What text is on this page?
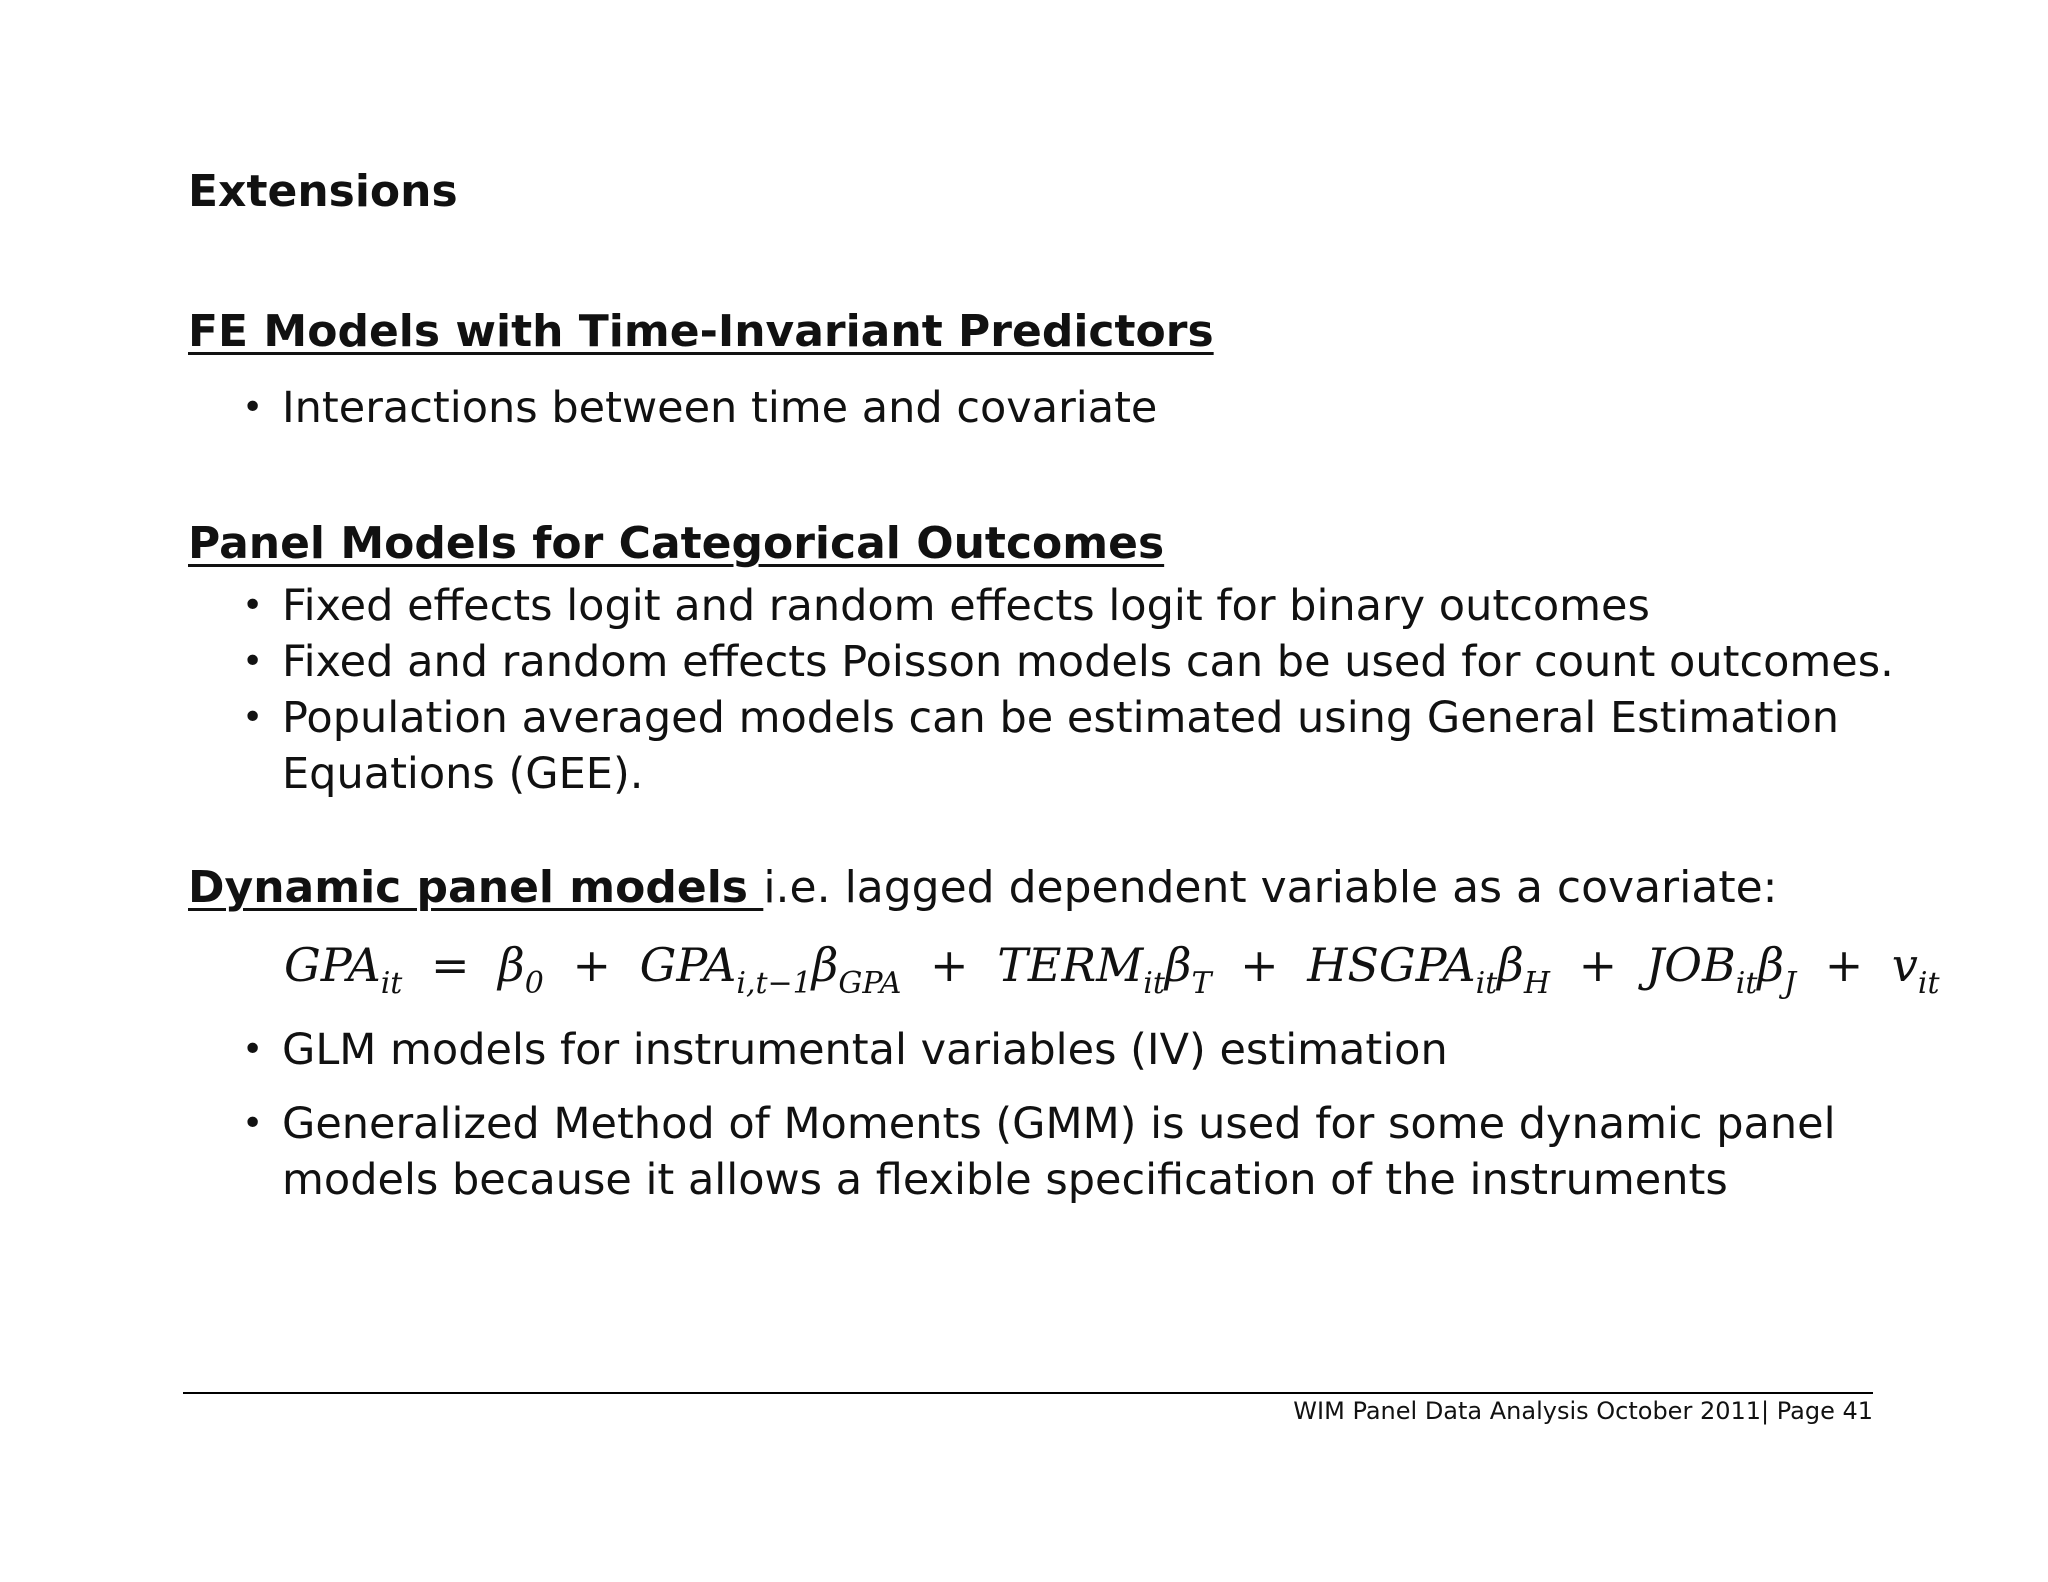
Extensions
FE Models with Time-Invariant Predictors
• Interactions between time and covariate
Panel Models for Categorical Outcomes
• Fixed effects logit and random effects logit for binary outcomes
• Fixed and random effects Poisson models can be used for count outcomes.
• Population averaged models can be estimated using General Estimation Equations (GEE).
Dynamic panel models i.e. lagged dependent variable as a covariate:
$GPA_{it} = \beta_0 + GPA_{i,t-1}\beta_{GPA}$ + $TERM_{it}\beta_T$ + $HSGPA_{it}\beta_H + JOB_{it}\beta_J + v_{it}$
• GLM models for instrumental variables (IV) estimation
• Generalized Method of Moments (GMM) is used for some dynamic panel models because it allows a flexible specification of the instruments
WIM Panel Data Analysis October 2011| Page 41
